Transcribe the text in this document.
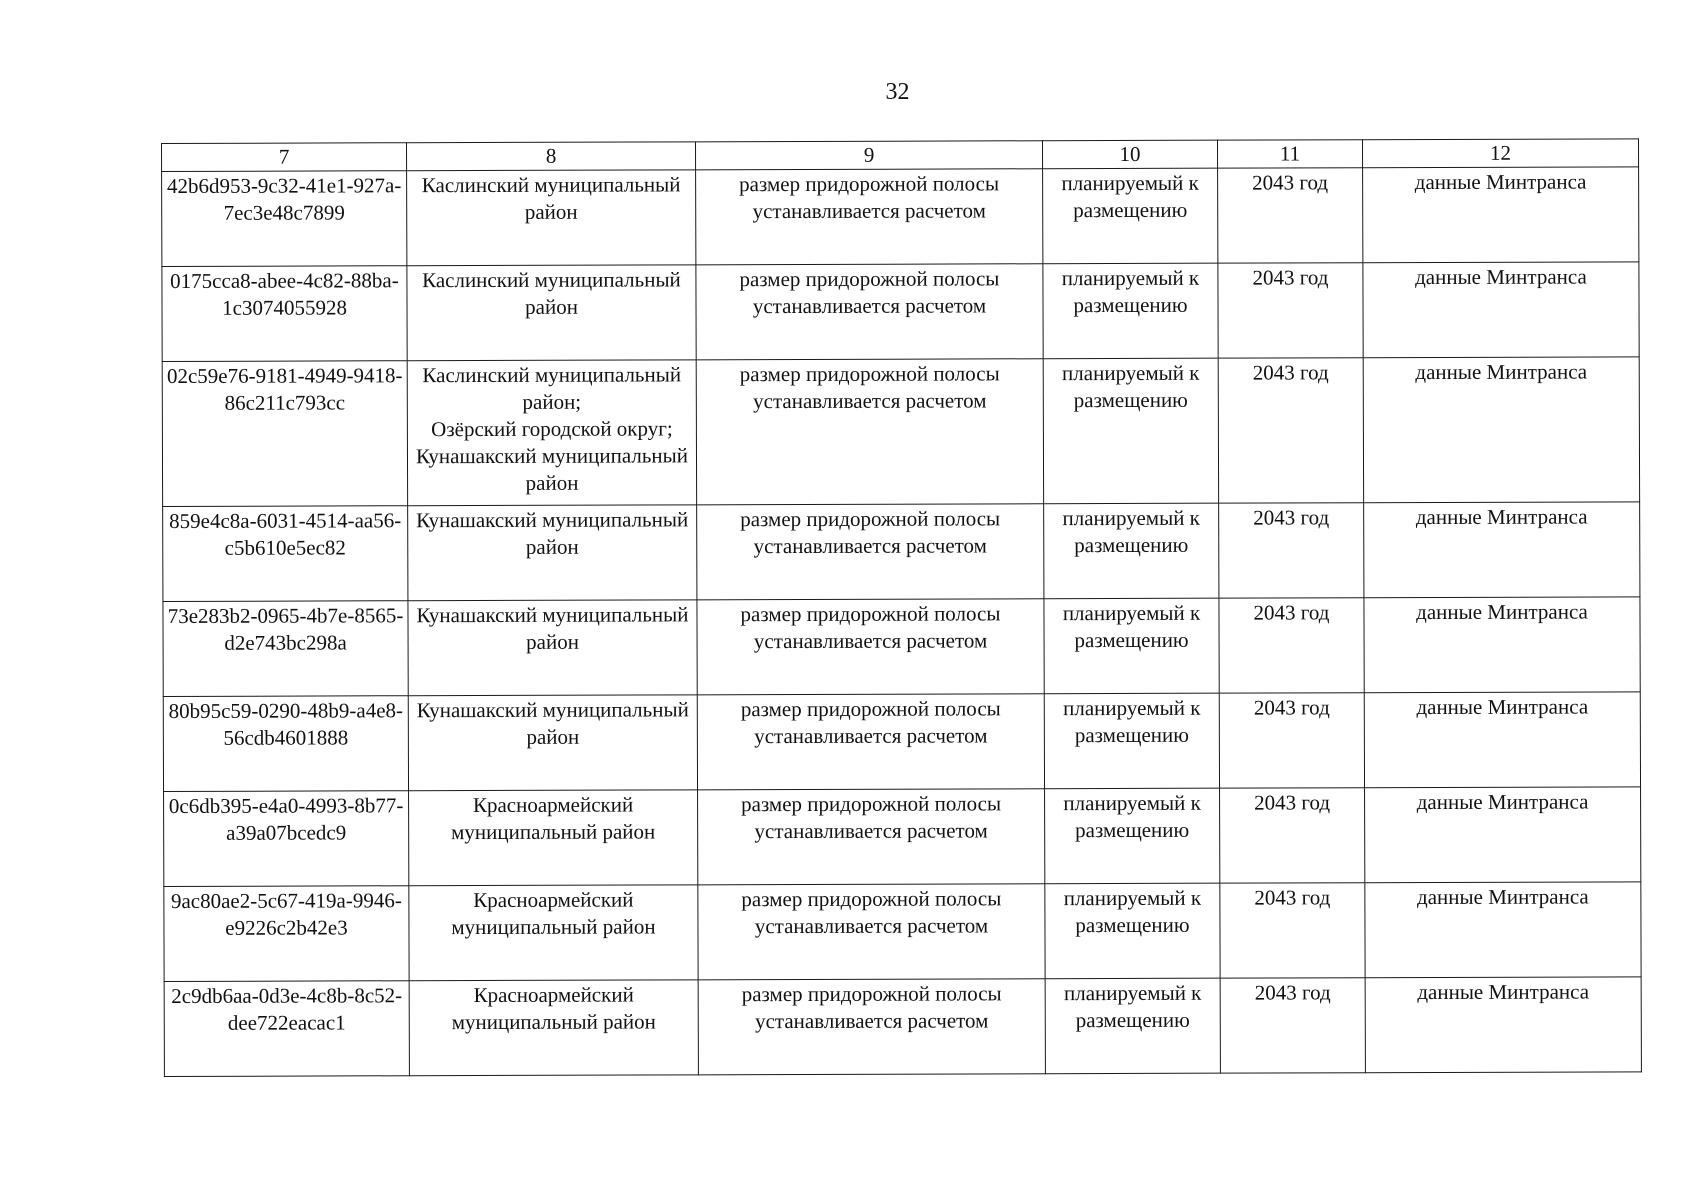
32
7	8	9	10	11	12
42b6d953-9c32-41e1-927a-7ec3e48c7899	Каслинский муниципальный район	размер придорожной полосы устанавливается расчетом	планируемый к размещению	2043 год	данные Минтранса
0175cca8-abee-4c82-88ba-1c3074055928	Каслинский муниципальный район	размер придорожной полосы устанавливается расчетом	планируемый к размещению	2043 год	данные Минтранса
02c59e76-9181-4949-9418-86c211c793cc	Каслинский муниципальный район;
Озёрский городской округ;
Кунашакский муниципальный район	размер придорожной полосы устанавливается расчетом	планируемый к размещению	2043 год	данные Минтранса
859e4c8a-6031-4514-aa56-c5b610e5ec82	Кунашакский муниципальный район	размер придорожной полосы устанавливается расчетом	планируемый к размещению	2043 год	данные Минтранса
73e283b2-0965-4b7e-8565-d2e743bc298a	Кунашакский муниципальный район	размер придорожной полосы устанавливается расчетом	планируемый к размещению	2043 год	данные Минтранса
80b95c59-0290-48b9-a4e8-56cdb4601888	Кунашакский муниципальный район	размер придорожной полосы устанавливается расчетом	планируемый к размещению	2043 год	данные Минтранса
0c6db395-e4a0-4993-8b77-a39a07bcedc9	Красноармейский муниципальный район	размер придорожной полосы устанавливается расчетом	планируемый к размещению	2043 год	данные Минтранса
9ac80ae2-5c67-419a-9946-e9226c2b42e3	Красноармейский муниципальный район	размер придорожной полосы устанавливается расчетом	планируемый к размещению	2043 год	данные Минтранса
2c9db6aa-0d3e-4c8b-8c52-dee722eacac1	Красноармейский муниципальный район	размер придорожной полосы устанавливается расчетом	планируемый к размещению	2043 год	данные Минтранса
